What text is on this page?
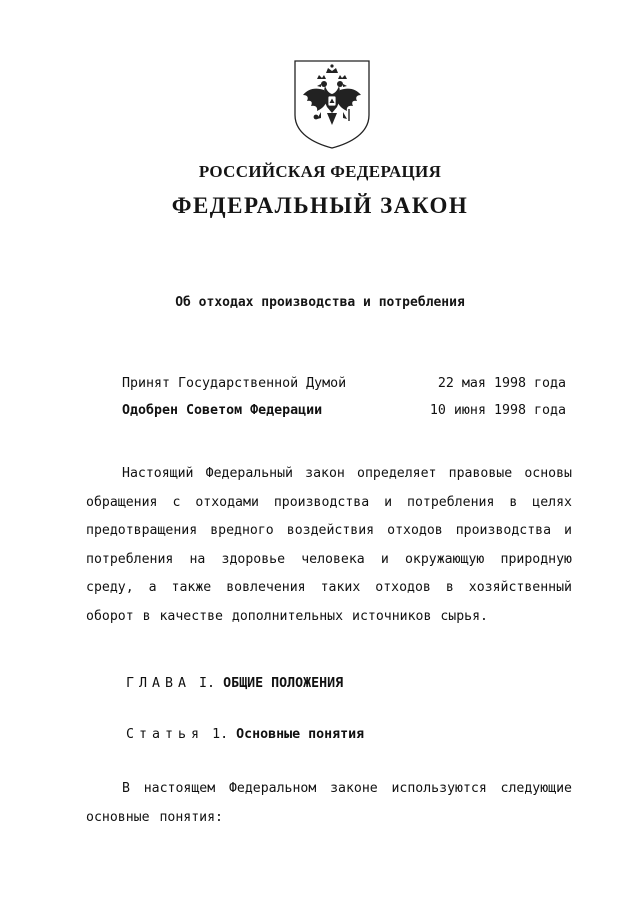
РОССИЙСКАЯ ФЕДЕРАЦИЯ
ФЕДЕРАЛЬНЫЙ ЗАКОН
Об отходах производства и потребления
Принят Государственной Думой	22 мая 1998 года
Одобрен Советом Федерации	10 июня 1998 года

Настоящий Федеральный закон определяет правовые основы обращения с отходами производства и потребления в целях предотвращения вредного воздействия отходов производства и потребления на здоровье человека и окружающую природную среду, а также вовлечения таких отходов в хозяйственный оборот в качестве дополнительных источников сырья.

ГЛАВА I. ОБЩИЕ ПОЛОЖЕНИЯ
Статья 1. Основные понятия

В настоящем Федеральном законе используются следующие основные понятия:
